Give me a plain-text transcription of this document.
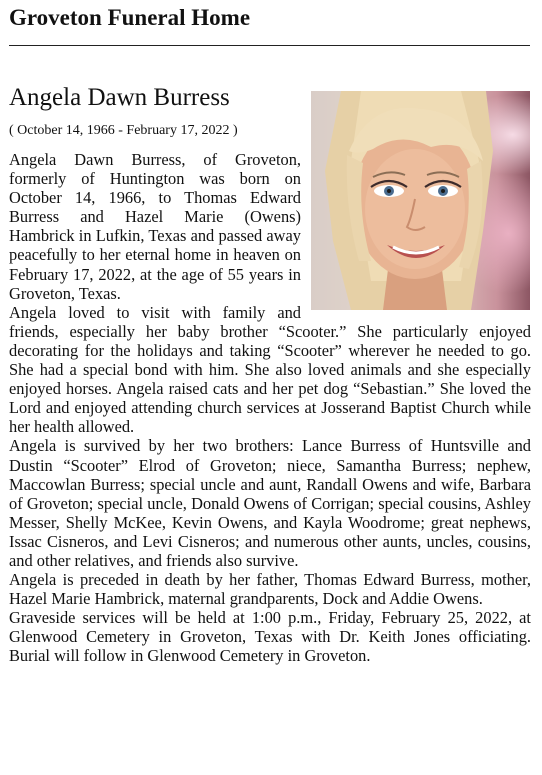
Groveton Funeral Home
Angela Dawn Burress

( October 14, 1966 - February 17, 2022 )

Angela Dawn Burress, of Groveton, formerly of Huntington was born on October 14, 1966, to Thomas Edward Burress and Hazel Marie (Owens) Hambrick in Lufkin, Texas and passed away peacefully to her eternal home in heaven on February 17, 2022, at the age of 55 years in Groveton, Texas.

Angela loved to visit with family and friends, especially her baby brother “Scooter.” She particularly enjoyed decorating for the holidays and taking “Scooter” wherever he needed to go. She had a special bond with him. She also loved animals and she especially enjoyed horses. Angela raised cats and her pet dog “Sebastian.” She loved the Lord and enjoyed attending church services at Josserand Baptist Church while her health allowed.

Angela is survived by her two brothers: Lance Burress of Huntsville and Dustin “Scooter” Elrod of Groveton; niece, Samantha Burress; nephew, Maccowlan Burress; special uncle and aunt, Randall Owens and wife, Barbara of Groveton; special uncle, Donald Owens of Corrigan; special cousins, Ashley Messer, Shelly McKee, Kevin Owens, and Kayla Woodrome; great nephews, Issac Cisneros, and Levi Cisneros; and numerous other aunts, uncles, cousins, and other relatives, and friends also survive.

Angela is preceded in death by her father, Thomas Edward Burress, mother, Hazel Marie Hambrick, maternal grandparents, Dock and Addie Owens.

Graveside services will be held at 1:00 p.m., Friday, February 25, 2022, at Glenwood Cemetery in Groveton, Texas with Dr. Keith Jones officiating. Burial will follow in Glenwood Cemetery in Groveton.
